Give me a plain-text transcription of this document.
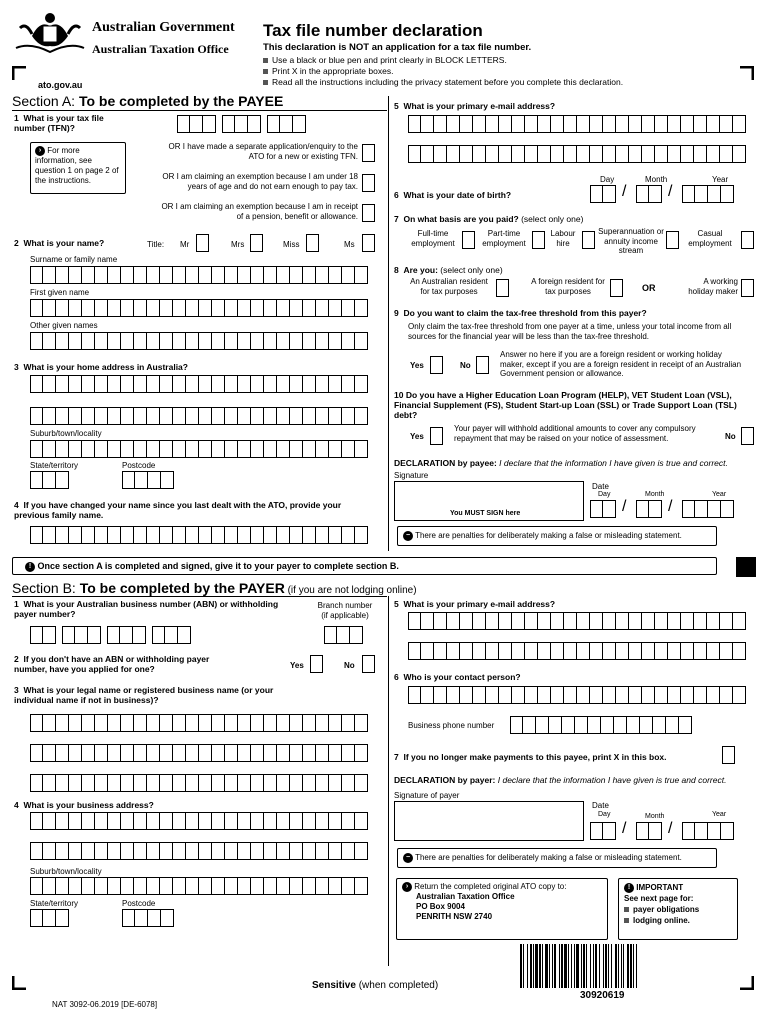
Australian Government
Australian Taxation Office
ato.gov.au
Tax file number declaration
This declaration is NOT an application for a tax file number.
Use a black or blue pen and print clearly in BLOCK LETTERS.
Print X in the appropriate boxes.
Read all the instructions including the privacy statement before you complete this declaration.
Section A: To be completed by the PAYEE
1  What is your tax file number (TFN)?
› For more information, see question 1 on page 2 of the instructions.
OR I have made a separate application/enquiry to the ATO for a new or existing TFN.
OR I am claiming an exemption because I am under 18 years of age and do not earn enough to pay tax.
OR I am claiming an exemption because I am in receipt of a pension, benefit or allowance.
2  What is your name?	Title: Mr	Mrs	Miss	Ms
Surname or family name
First given name
Other given names
3  What is your home address in Australia?
Suburb/town/locality
State/territory	Postcode
4  If you have changed your name since you last dealt with the ATO, provide your previous family name.
5  What is your primary e-mail address?
Day	Month	Year
6  What is your date of birth?	/	/
7  On what basis are you paid? (select only one)
Full-time employment
Part-time employment
Labour hire
Superannuation or annuity income stream
Casual employment
8  Are you: (select only one)
An Australian resident for tax purposes
A foreign resident for tax purposes	OR
A working holiday maker
9  Do you want to claim the tax-free threshold from this payer?
Only claim the tax-free threshold from one payer at a time, unless your total income from all sources for the financial year will be less than the tax-free threshold.
Yes	No
Answer no here if you are a foreign resident or working holiday maker, except if you are a foreign resident in receipt of an Australian Government pension or allowance.
10 Do you have a Higher Education Loan Program (HELP), VET Student Loan (VSL), Financial Supplement (FS), Student Start-up Loan (SSL) or Trade Support Loan (TSL) debt?
Yes
Your payer will withhold additional amounts to cover any compulsory repayment that may be raised on your notice of assessment.	No
DECLARATION by payee: I declare that the information I have given is true and correct.
Signature
You MUST SIGN here
Date
Day	Month	Year
/	/
− There are penalties for deliberately making a false or misleading statement.
! Once section A is completed and signed, give it to your payer to complete section B.
Section B: To be completed by the PAYER (if you are not lodging online)
1  What is your Australian business number (ABN) or withholding payer number?
Branch number (if applicable)
2  If you don't have an ABN or withholding payer number, have you applied for one?	Yes	No
3  What is your legal name or registered business name (or your individual name if not in business)?
4  What is your business address?
Suburb/town/locality
State/territory	Postcode
5  What is your primary e-mail address?
6  Who is your contact person?
Business phone number
7  If you no longer make payments to this payee, print X in this box.
DECLARATION by payer: I declare that the information I have given is true and correct.
Signature of payer
Date
Day	Month	Year
/	/
− There are penalties for deliberately making a false or misleading statement.
› Return the completed original ATO copy to:
Australian Taxation Office
PO Box 9004
PENRITH NSW 2740
! IMPORTANT
See next page for:
payer obligations
lodging online.
Sensitive (when completed)
NAT 3092-06.2019 [DE-6078]
30920619
